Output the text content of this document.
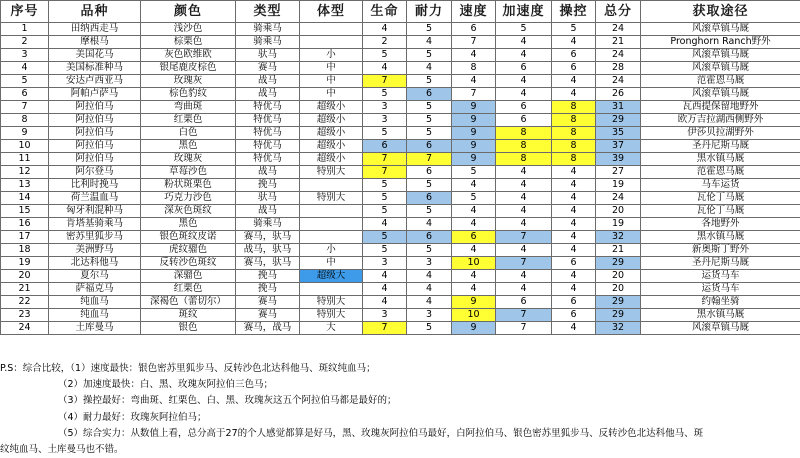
序号	品种	颜色	类型	体型	生命	耐力	速度	加速度	操控	总分	获取途径
1	田纳西走马	浅沙色	骑乘马		4	5	6	5	5	24	风滚草镇马厩
2	摩根马	棕栗色	骑乘马		2	4	7	4	4	21	Pronghorn Ranch野外
3	美国花马	灰色欧维欧	驮马	小	5	5	4	4	6	24	风滚草镇马厩
4	美国标准种马	银尾鹿皮棕色	赛马	中	4	4	8	6	6	28	风滚草镇马厩
5	安达卢西亚马	玫瑰灰	战马	中	7	5	4	4	4	24	范霍恩马厩
6	阿帕卢萨马	棕色豹纹	战马	中	5	6	7	4	4	26	风滚草镇马厩
7	阿拉伯马	弯曲斑	特优马	超级小	3	5	9	6	8	31	瓦西提保留地野外
8	阿拉伯马	红栗色	特优马	超级小	3	5	9	6	8	29	欧万吉拉湖西侧野外
9	阿拉伯马	白色	特优马	超级小	5	5	9	8	8	35	伊莎贝拉湖野外
10	阿拉伯马	黑色	特优马	超级小	6	6	9	8	8	37	圣丹尼斯马厩
11	阿拉伯马	玫瑰灰	特优马	超级小	7	7	9	8	8	39	黑水镇马厩
12	阿尔登马	草莓沙色	战马	特别大	7	6	5	4	4	27	范霍恩马厩
13	比利时挽马	粉状斑栗色	挽马		5	5	4	4	4	19	马车运货
14	荷兰温血马	巧克力沙色	驮马	特别大	5	6	5	4	4	24	瓦伦丁马厩
15	匈牙利混种马	深灰色斑纹	战马		5	5	4	4	4	20	瓦伦丁马厩
16	肯塔基骑乘马	黑色	骑乘马		4	4	4	4	4	19	各地野外
17	密苏里狐步马	银色斑纹皮诺	赛马，驮马		5	6	6	7	4	32	黑水镇马厩
18	美洲野马	虎纹骝色	战马，驮马	小	5	5	4	4	4	21	新奥斯丁野外
19	北达科他马	反转沙色斑纹	赛马，驮马	中	3	3	10	7	6	29	圣丹尼斯马厩
20	夏尔马	深骝色	挽马	超级大	4	4	4	4	4	20	运货马车
21	萨福克马	红栗色	挽马		4	4	4	4	4	20	运货马车
22	纯血马	深褐色（蕾切尔）	赛马	特别大	4	4	9	6	6	29	约翰坐骑
23	纯血马	斑纹	赛马	特别大	3	3	10	7	6	29	黑水镇马厩
24	土库曼马	银色	赛马，战马	大	7	5	9	7	4	32	风滚草镇马厩
P.S：综合比较，（1）速度最快：银色密苏里狐步马、反转沙色北达科他马、斑纹纯血马；
（2）加速度最快：白、黑、玫瑰灰阿拉伯三色马；
（3）操控最好：弯曲斑、红栗色、白、黑、玫瑰灰这五个阿拉伯马都是最好的；
（4）耐力最好：玫瑰灰阿拉伯马；
（5）综合实力：从数值上看，总分高于27的个人感觉都算是好马，黑、玫瑰灰阿拉伯马最好，白阿拉伯马、银色密苏里狐步马、反转沙色北达科他马、斑
纹纯血马、土库曼马也不错。
